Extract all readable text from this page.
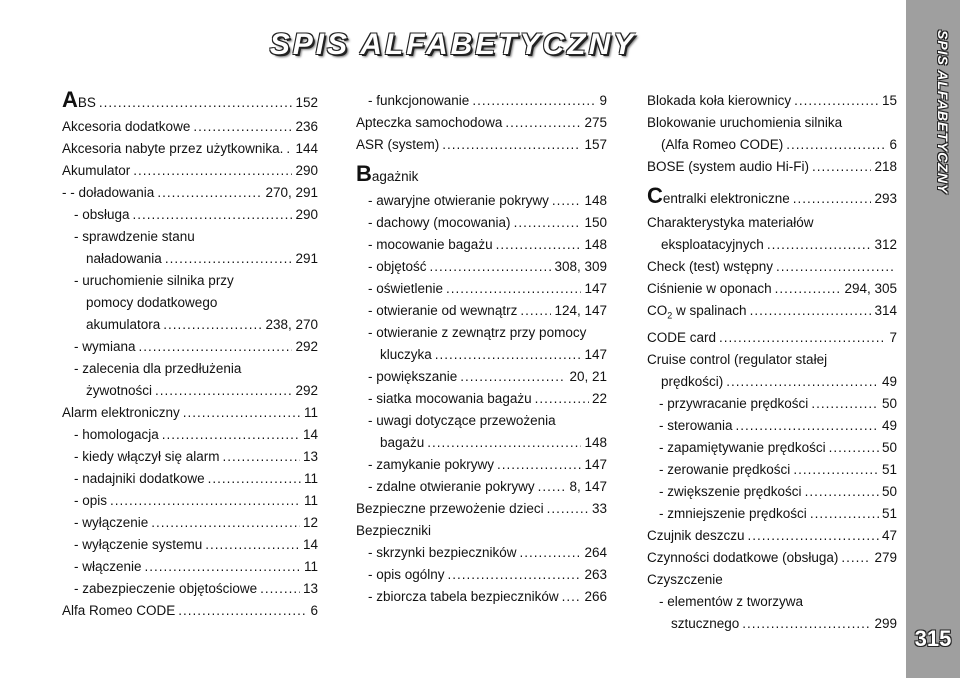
SPIS ALFABETYCZNY
315
SPIS ALFABETYCZNY
ABS .....	152
Akcesoria dodatkowe .....	236
Akcesoria nabyte przez użytkownika. ..... 144
Akumulator .....	290
- - doładowania .....	270, 291
- obsługa .....	290
- sprawdzenie stanu
naładowania .....	291
- uruchomienie silnika przy
pomocy dodatkowego
akumulatora .....	238, 270
- wymiana .....	292
- zalecenia dla przedłużenia
żywotności .....	292
Alarm elektroniczny .....	11
- homologacja .....	14
- kiedy włączył się alarm .....	13
- nadajniki dodatkowe .....	11
- opis .....	11
- wyłączenie .....	12
- wyłączenie systemu .....	14
- włączenie .....	11
- zabezpieczenie objętościowe .....	13
Alfa Romeo CODE .....	6
- funkcjonowanie .....	9
Apteczka samochodowa .....	275
ASR (system) .....	157
Bagażnik
- awaryjne otwieranie pokrywy .....	148
- dachowy (mocowania) .....	150
- mocowanie bagażu .....	148
- objętość .....	308, 309
- oświetlenie .....	147
- otwieranie od wewnątrz .....	124, 147
- otwieranie z zewnątrz przy pomocy
kluczyka .....	147
- powiększanie .....	20, 21
- siatka mocowania bagażu .....	22
- uwagi dotyczące przewożenia
bagażu .....	148
- zamykanie pokrywy .....	147
- zdalne otwieranie pokrywy .....	8, 147
Bezpieczne przewożenie dzieci .....	33
Bezpieczniki
- skrzynki bezpieczników .....	264
- opis ogólny .....	263
- zbiorcza tabela bezpieczników ..... 266
Blokada koła kierownicy .....	15
Blokowanie uruchomienia silnika
(Alfa Romeo CODE) .....	6
BOSE (system audio Hi-Fi) .....	218
Centralki elektroniczne .....	293
Charakterystyka materiałów
eksploatacyjnych .....	312
Check (test) wstępny
.....
Ciśnienie w oponach .....	294, 305
$CO_2$ w spalinach .....	314
CODE card .....	7
Cruise control (regulator stałej
prędkości) .....	49
- przywracanie prędkości .....	50
- sterowania .....	49
- zapamiętywanie prędkości .....	50
- zerowanie prędkości .....	51
- zwiększenie prędkości .....	50
- zmniejszenie prędkości .....	51
Czujnik deszczu .....	47
Czynności dodatkowe (obsługa) .....	279
Czyszczenie
- elementów z tworzywa
sztucznego .....	299
